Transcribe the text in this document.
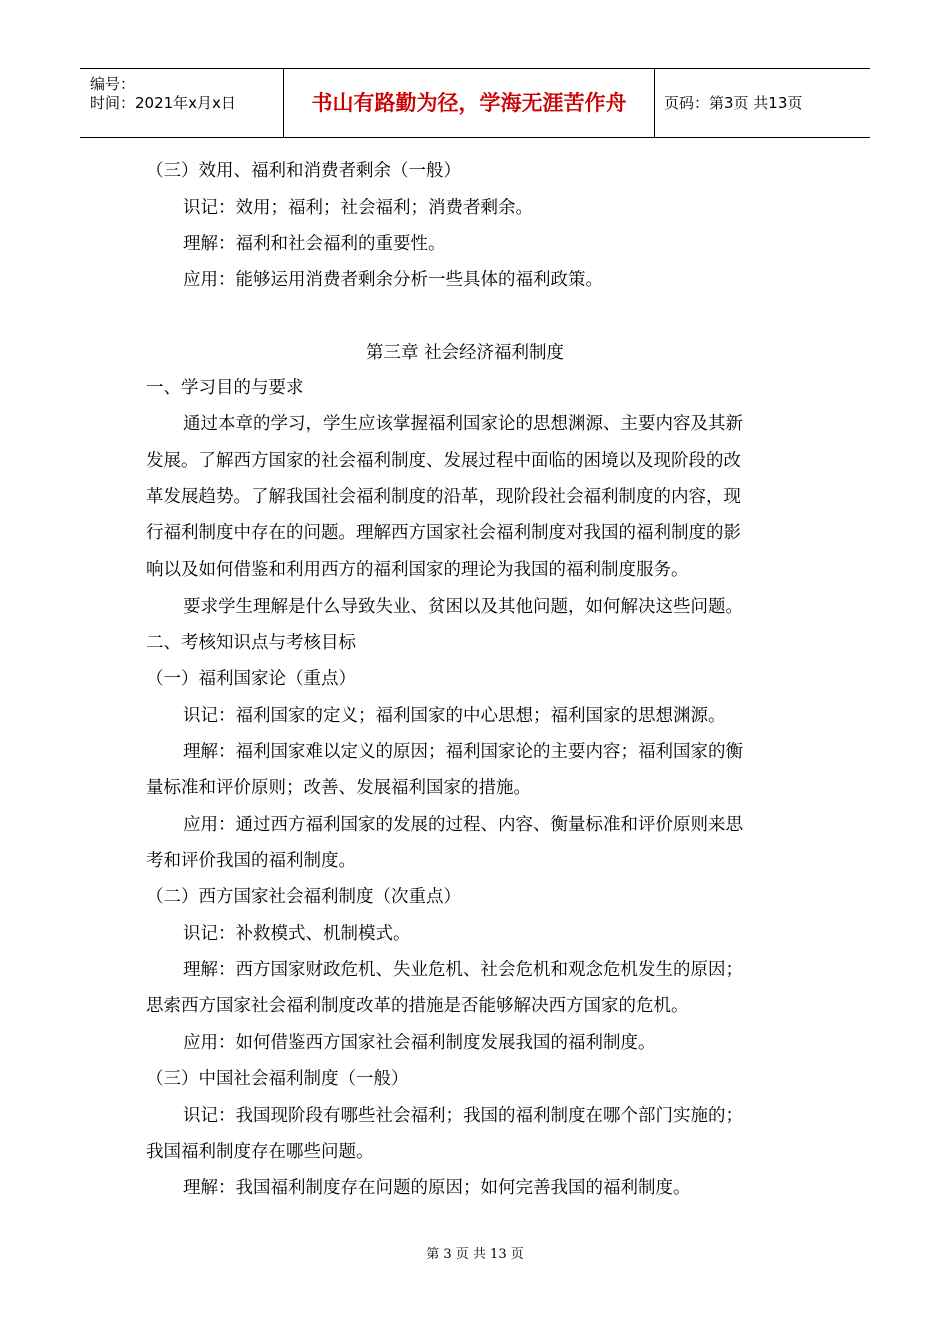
编号：
时间：2021年x月x日	书山有路勤为径，学海无涯苦作舟	页码：第3页 共13页
（三）效用、福利和消费者剩余（一般）
识记：效用；福利；社会福利；消费者剩余。
理解：福利和社会福利的重要性。
应用：能够运用消费者剩余分析一些具体的福利政策。
第三章 社会经济福利制度
一、学习目的与要求
通过本章的学习，学生应该掌握福利国家论的思想渊源、主要内容及其新
发展。了解西方国家的社会福利制度、发展过程中面临的困境以及现阶段的改
革发展趋势。了解我国社会福利制度的沿革，现阶段社会福利制度的内容，现
行福利制度中存在的问题。理解西方国家社会福利制度对我国的福利制度的影
响以及如何借鉴和利用西方的福利国家的理论为我国的福利制度服务。
要求学生理解是什么导致失业、贫困以及其他问题，如何解决这些问题。
二、考核知识点与考核目标
（一）福利国家论（重点）
识记：福利国家的定义；福利国家的中心思想；福利国家的思想渊源。
理解：福利国家难以定义的原因；福利国家论的主要内容；福利国家的衡
量标准和评价原则；改善、发展福利国家的措施。
应用：通过西方福利国家的发展的过程、内容、衡量标准和评价原则来思
考和评价我国的福利制度。
（二）西方国家社会福利制度（次重点）
识记：补救模式、机制模式。
理解：西方国家财政危机、失业危机、社会危机和观念危机发生的原因；
思索西方国家社会福利制度改革的措施是否能够解决西方国家的危机。
应用：如何借鉴西方国家社会福利制度发展我国的福利制度。
（三）中国社会福利制度（一般）
识记：我国现阶段有哪些社会福利；我国的福利制度在哪个部门实施的；
我国福利制度存在哪些问题。
理解：我国福利制度存在问题的原因；如何完善我国的福利制度。
第 3 页 共 13 页
